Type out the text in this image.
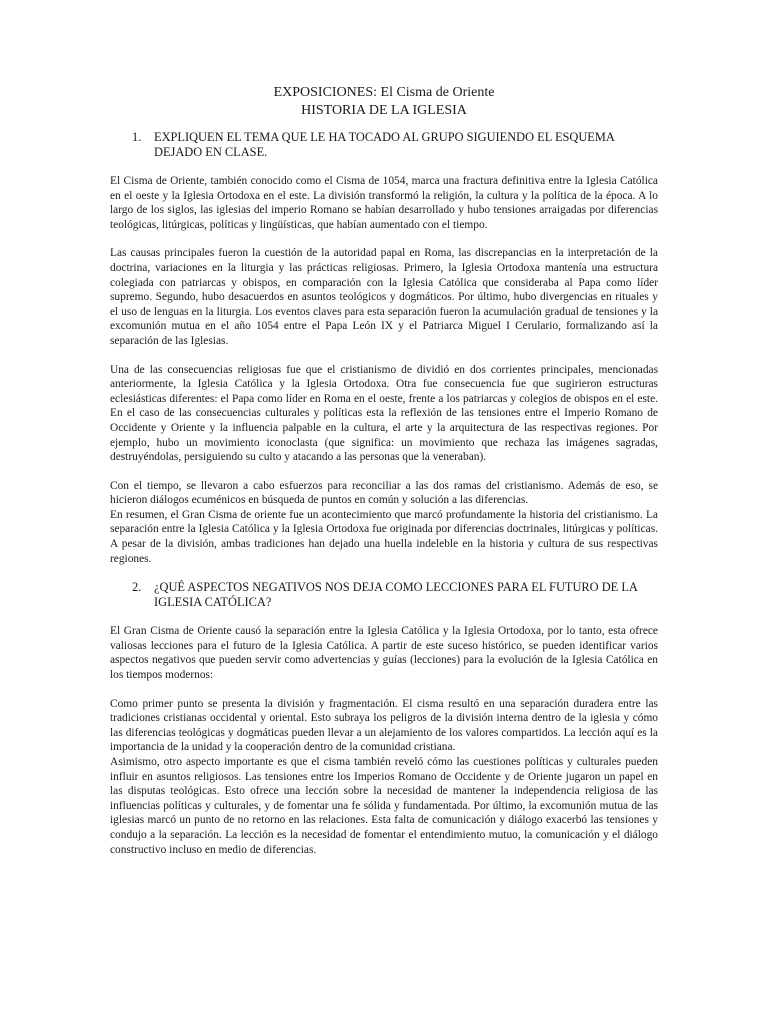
EXPOSICIONES: El Cisma de Oriente

HISTORIA DE LA IGLESIA

1.	EXPLIQUEN EL TEMA QUE LE HA TOCADO AL GRUPO SIGUIENDO EL ESQUEMA DEJADO EN CLASE.

El Cisma de Oriente, también conocido como el Cisma de 1054, marca una fractura definitiva entre la Iglesia Católica en el oeste y la Iglesia Ortodoxa en el este. La división transformó la religión, la cultura y la política de la época. A lo largo de los siglos, las iglesias del imperio Romano se habían desarrollado y hubo tensiones arraigadas por diferencias teológicas, litúrgicas, políticas y lingüísticas, que habían aumentado con el tiempo.

Las causas principales fueron la cuestión de la autoridad papal en Roma, las discrepancias en la interpretación de la doctrina, variaciones en la liturgia y las prácticas religiosas. Primero, la Iglesia Ortodoxa mantenía una estructura colegiada con patriarcas y obispos, en comparación con la Iglesia Católica que consideraba al Papa como líder supremo. Segundo, hubo desacuerdos en asuntos teológicos y dogmáticos. Por último, hubo divergencias en rituales y el uso de lenguas en la liturgia. Los eventos claves para esta separación fueron la acumulación gradual de tensiones y la excomunión mutua en el año 1054 entre el Papa León IX y el Patriarca Miguel I Cerulario, formalizando así la separación de las Iglesias.

Una de las consecuencias religiosas fue que el cristianismo de dividió en dos corrientes principales, mencionadas anteriormente, la Iglesia Católica y la Iglesia Ortodoxa. Otra fue consecuencia fue que sugirieron estructuras eclesiásticas diferentes: el Papa como líder en Roma en el oeste, frente a los patriarcas y colegios de obispos en el este. En el caso de las consecuencias culturales y políticas esta la reflexión de las tensiones entre el Imperio Romano de Occidente y Oriente y la influencia palpable en la cultura, el arte y la arquitectura de las respectivas regiones. Por ejemplo, hubo un movimiento iconoclasta (que significa: un movimiento que rechaza las imágenes sagradas, destruyéndolas, persiguiendo su culto y atacando a las personas que la veneraban).

Con el tiempo, se llevaron a cabo esfuerzos para reconciliar a las dos ramas del cristianismo. Además de eso, se hicieron diálogos ecuménicos en búsqueda de puntos en común y solución a las diferencias.

En resumen, el Gran Cisma de oriente fue un acontecimiento que marcó profundamente la historia del cristianismo. La separación entre la Iglesia Católica y la Iglesia Ortodoxa fue originada por diferencias doctrinales, litúrgicas y políticas. A pesar de la división, ambas tradiciones han dejado una huella indeleble en la historia y cultura de sus respectivas regiones.

2.	¿QUÉ ASPECTOS NEGATIVOS NOS DEJA COMO LECCIONES PARA EL FUTURO DE LA IGLESIA CATÓLICA?

El Gran Cisma de Oriente causó la separación entre la Iglesia Católica y la Iglesia Ortodoxa, por lo tanto, esta ofrece valiosas lecciones para el futuro de la Iglesia Católica. A partir de este suceso histórico, se pueden identificar varios aspectos negativos que pueden servir como advertencias y guías (lecciones) para la evolución de la Iglesia Católica en los tiempos modernos:

Como primer punto se presenta la división y fragmentación. El cisma resultó en una separación duradera entre las tradiciones cristianas occidental y oriental. Esto subraya los peligros de la división interna dentro de la iglesia y cómo las diferencias teológicas y dogmáticas pueden llevar a un alejamiento de los valores compartidos. La lección aquí es la importancia de la unidad y la cooperación dentro de la comunidad cristiana.

Asimismo, otro aspecto importante es que el cisma también reveló cómo las cuestiones políticas y culturales pueden influir en asuntos religiosos. Las tensiones entre los Imperios Romano de Occidente y de Oriente jugaron un papel en las disputas teológicas. Esto ofrece una lección sobre la necesidad de mantener la independencia religiosa de las influencias políticas y culturales, y de fomentar una fe sólida y fundamentada. Por último, la excomunión mutua de las iglesias marcó un punto de no retorno en las relaciones. Esta falta de comunicación y diálogo exacerbó las tensiones y condujo a la separación. La lección es la necesidad de fomentar el entendimiento mutuo, la comunicación y el diálogo constructivo incluso en medio de diferencias.
